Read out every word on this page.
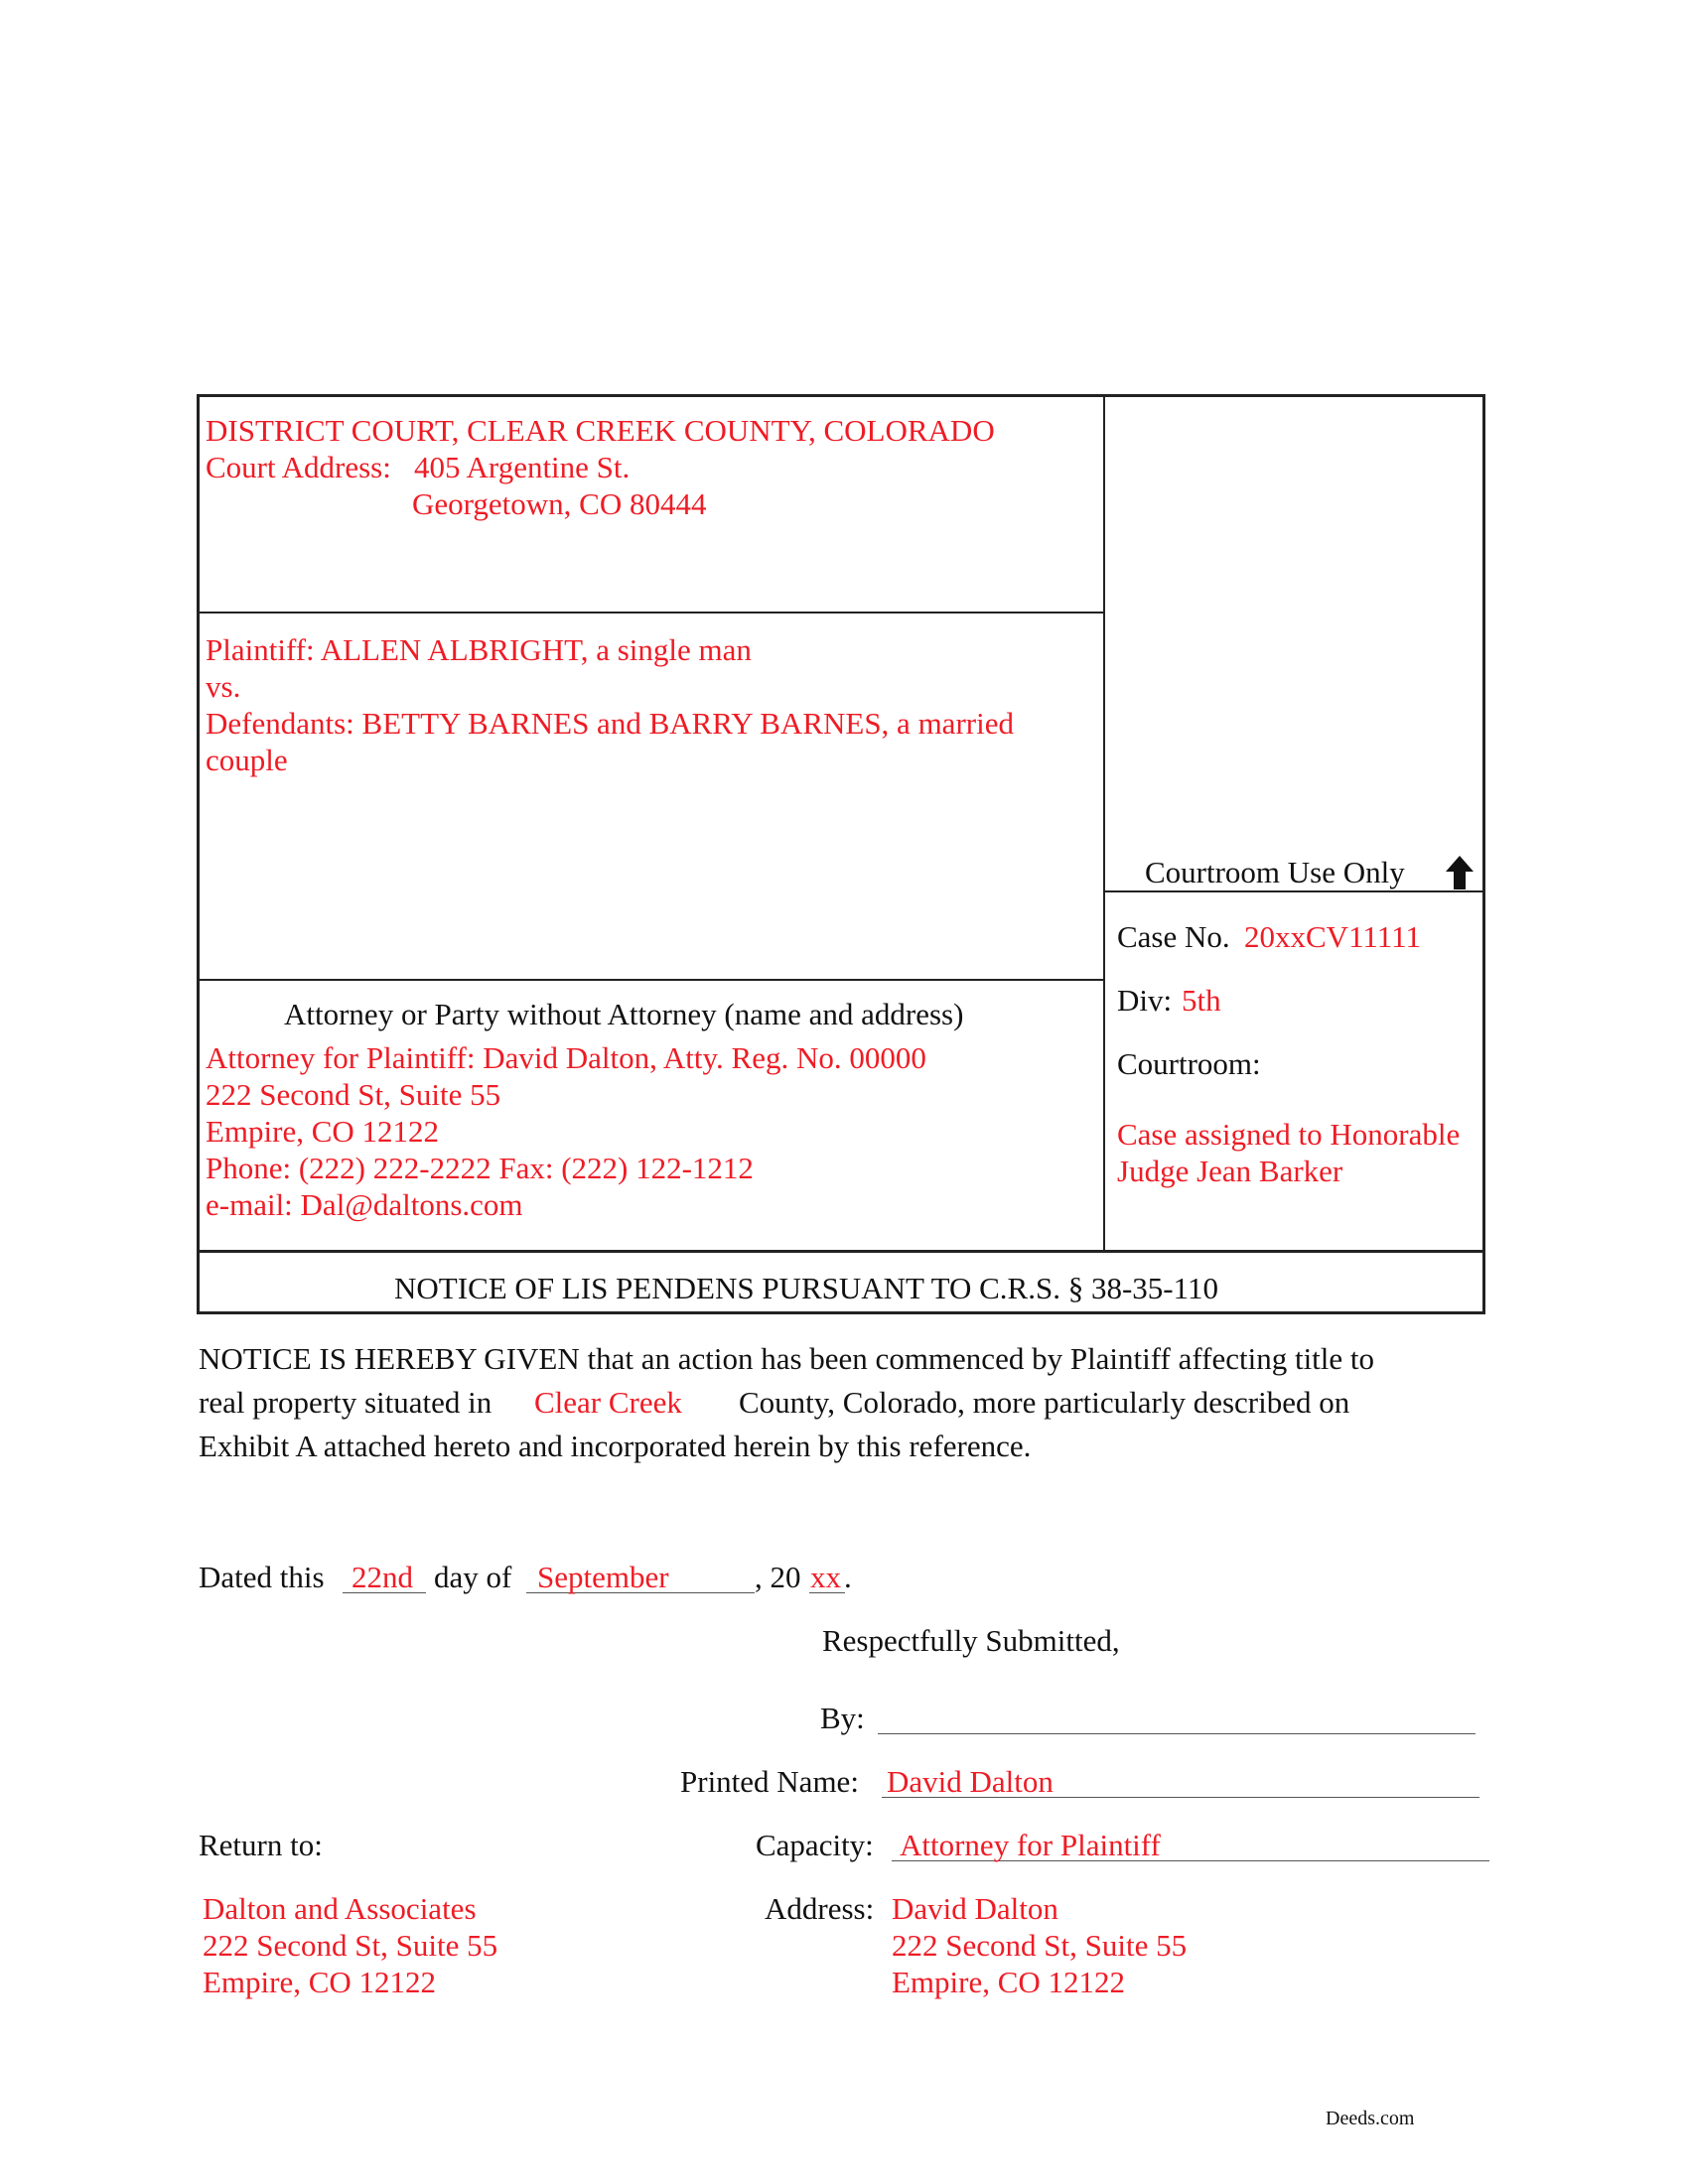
DISTRICT COURT, CLEAR CREEK COUNTY, COLORADO
Court Address: 405 Argentine St.
Georgetown, CO 80444
Plaintiff: ALLEN ALBRIGHT, a single man
vs.
Defendants: BETTY BARNES and BARRY BARNES, a married
couple
Attorney or Party without Attorney (name and address)
Attorney for Plaintiff: David Dalton, Atty. Reg. No. 00000
222 Second St, Suite 55
Empire, CO 12122
Phone: (222) 222-2222 Fax: (222) 122-1212
e-mail: Dal@daltons.com
Courtroom Use Only
Case No. 20xxCV11111
Div: 5th
Courtroom:
Case assigned to Honorable
Judge Jean Barker
NOTICE OF LIS PENDENS PURSUANT TO C.R.S. § 38-35-110
NOTICE IS HEREBY GIVEN that an action has been commenced by Plaintiff affecting title to
real property situated in Clear Creek County, Colorado, more particularly described on
Exhibit A attached hereto and incorporated herein by this reference.
Dated this 22nd day of September	, 20 xx .
Respectfully Submitted,
By:
Printed Name: David Dalton
Return to:	Capacity: Attorney for Plaintiff
Dalton and Associates
222 Second St, Suite 55
Empire, CO 12122
Address: David Dalton
222 Second St, Suite 55
Empire, CO 12122
Deeds.com
